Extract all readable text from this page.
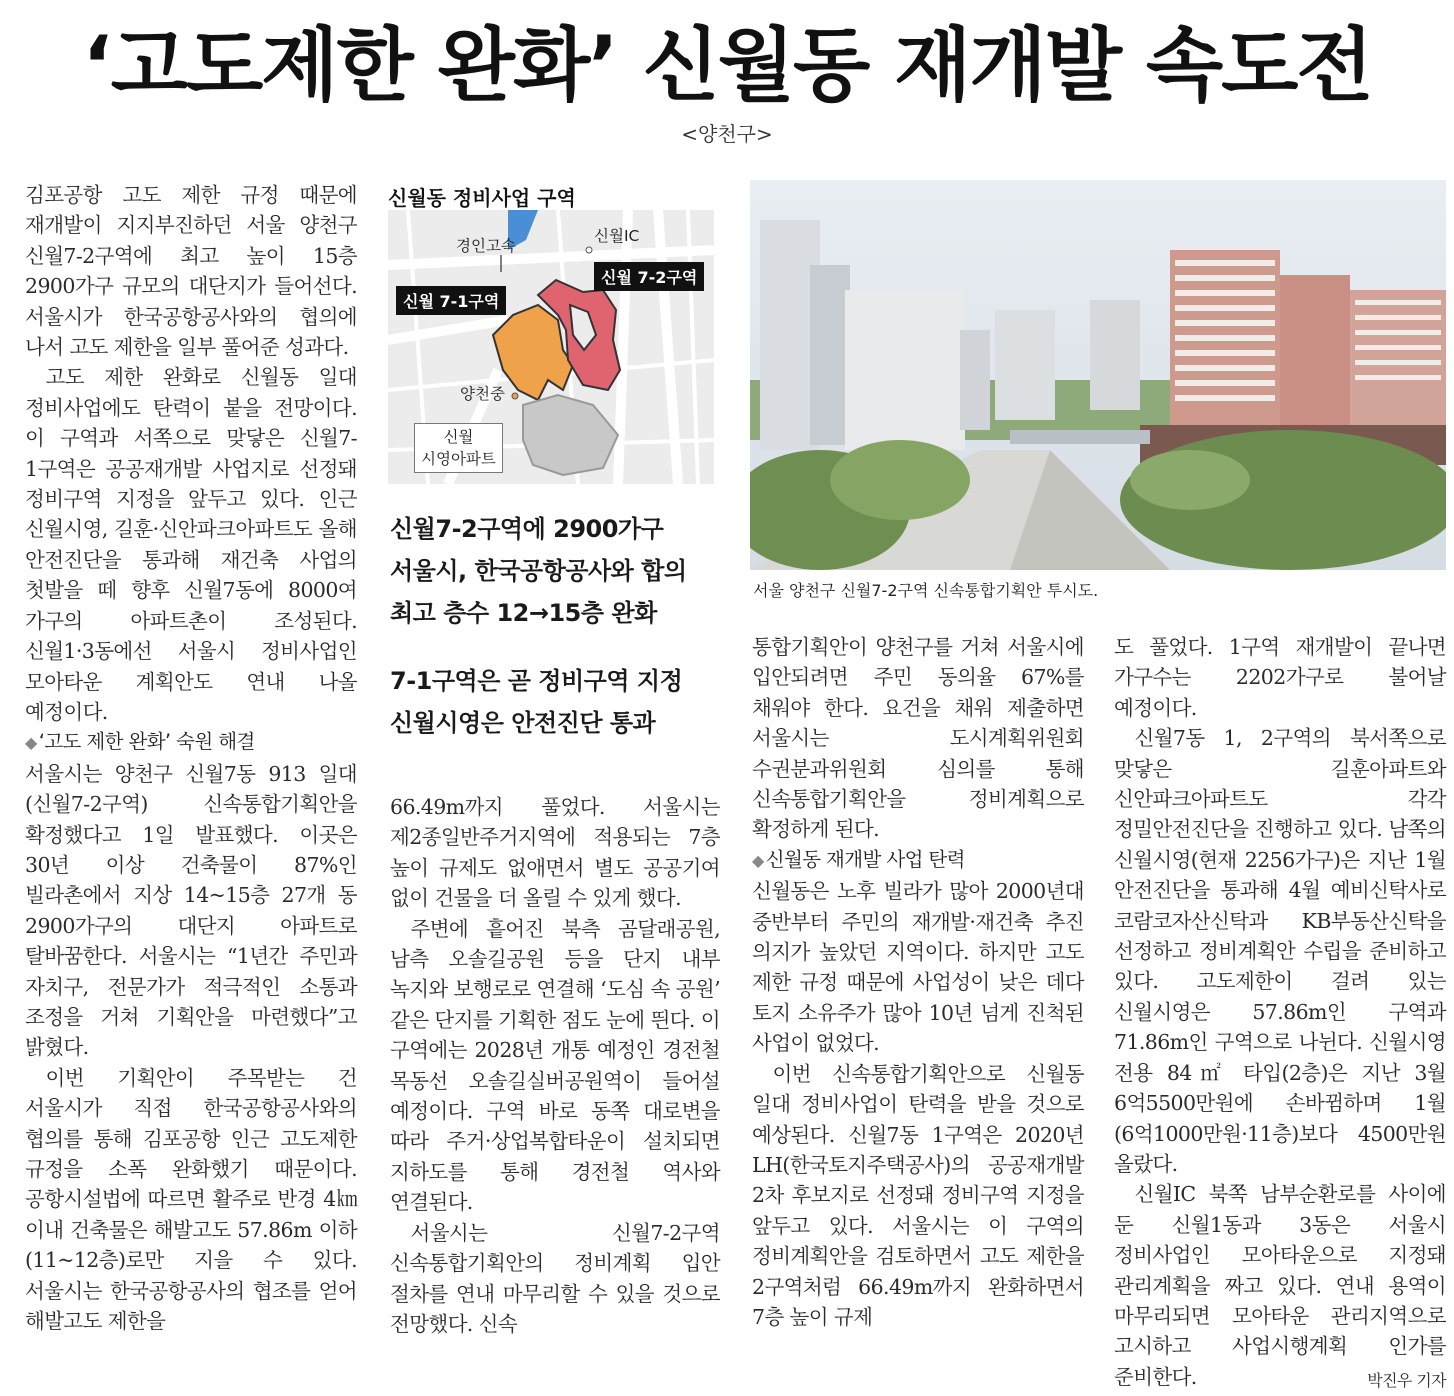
‘고도제한 완화’ 신월동 재개발 속도전
<양천구>

김포공항 고도 제한 규정 때문에 재개발이 지지부진하던 서울 양천구 신월7-2구역에 최고 높이 15층 2900가구 규모의 대단지가 들어선다. 서울시가 한국공항공사와의 협의에 나서 고도 제한을 일부 풀어준 성과다.

고도 제한 완화로 신월동 일대 정비사업에도 탄력이 붙을 전망이다. 이 구역과 서쪽으로 맞닿은 신월7-1구역은 공공재개발 사업지로 선정돼 정비구역 지정을 앞두고 있다. 인근 신월시영, 길훈·신안파크아파트도 올해 안전진단을 통과해 재건축 사업의 첫발을 떼 향후 신월7동에 8000여 가구의 아파트촌이 조성된다. 신월1·3동에선 서울시 정비사업인 모아타운 계획안도 연내 나올 예정이다.

◆ ‘고도 제한 완화’ 숙원 해결

서울시는 양천구 신월7동 913 일대(신월7-2구역) 신속통합기획안을 확정했다고 1일 발표했다. 이곳은 30년 이상 건축물이 87%인 빌라촌에서 지상 14~15층 27개 동 2900가구의 대단지 아파트로 탈바꿈한다. 서울시는 “1년간 주민과 자치구, 전문가가 적극적인 소통과 조정을 거쳐 기획안을 마련했다”고 밝혔다.

이번 기획안이 주목받는 건 서울시가 직접 한국공항공사와의 협의를 통해 김포공항 인근 고도제한 규정을 소폭 완화했기 때문이다. 공항시설법에 따르면 활주로 반경 4㎞ 이내 건축물은 해발고도 57.86m 이하(11~12층)로만 지을 수 있다. 서울시는 한국공항공사의 협조를 얻어 해발고도 제한을

신월동 정비사업 구역
경인고속
신월IC
신월 7-2구역
신월 7-1구역
양천중
신월
시영아파트
신월7-2구역에 2900가구
서울시, 한국공항공사와 합의
최고 층수 12→15층 완화
7-1구역은 곧 정비구역 지정
신월시영은 안전진단 통과

66.49m까지 풀었다. 서울시는 제2종일반주거지역에 적용되는 7층 높이 규제도 없애면서 별도 공공기여 없이 건물을 더 올릴 수 있게 했다.

주변에 흩어진 북측 곰달래공원, 남측 오솔길공원 등을 단지 내부 녹지와 보행로로 연결해 ‘도심 속 공원’ 같은 단지를 기획한 점도 눈에 띈다. 이 구역에는 2028년 개통 예정인 경전철 목동선 오솔길실버공원역이 들어설 예정이다. 구역 바로 동쪽 대로변을 따라 주거·상업복합타운이 설치되면 지하도를 통해 경전철 역사와 연결된다.

서울시는 신월7-2구역 신속통합기획안의 정비계획 입안 절차를 연내 마무리할 수 있을 것으로 전망했다. 신속

서울 양천구 신월7-2구역 신속통합기획안 투시도.

통합기획안이 양천구를 거쳐 서울시에 입안되려면 주민 동의율 67%를 채워야 한다. 요건을 채워 제출하면 서울시는 도시계획위원회 수권분과위원회 심의를 통해 신속통합기획안을 정비계획으로 확정하게 된다.

◆ 신월동 재개발 사업 탄력

신월동은 노후 빌라가 많아 2000년대 중반부터 주민의 재개발·재건축 추진 의지가 높았던 지역이다. 하지만 고도 제한 규정 때문에 사업성이 낮은 데다 토지 소유주가 많아 10년 넘게 진척된 사업이 없었다.

이번 신속통합기획안으로 신월동 일대 정비사업이 탄력을 받을 것으로 예상된다. 신월7동 1구역은 2020년 LH(한국토지주택공사)의 공공재개발 2차 후보지로 선정돼 정비구역 지정을 앞두고 있다. 서울시는 이 구역의 정비계획안을 검토하면서 고도 제한을 2구역처럼 66.49m까지 완화하면서 7층 높이 규제

도 풀었다. 1구역 재개발이 끝나면 가구수는 2202가구로 불어날 예정이다.

신월7동 1, 2구역의 북서쪽으로 맞닿은 길훈아파트와 신안파크아파트도 각각 정밀안전진단을 진행하고 있다. 남쪽의 신월시영(현재 2256가구)은 지난 1월 안전진단을 통과해 4월 예비신탁사로 코람코자산신탁과 KB부동산신탁을 선정하고 정비계획안 수립을 준비하고 있다. 고도제한이 걸려 있는 신월시영은 57.86m인 구역과 71.86m인 구역으로 나뉜다. 신월시영 전용 84㎡ 타입(2층)은 지난 3월 6억5500만원에 손바뀜하며 1월(6억1000만원·11층)보다 4500만원 올랐다.

신월IC 북쪽 남부순환로를 사이에 둔 신월1동과 3동은 서울시 정비사업인 모아타운으로 지정돼 관리계획을 짜고 있다. 연내 용역이 마무리되면 모아타운 관리지역으로 고시하고 사업시행계획 인가를 준비한다.	박진우 기자
